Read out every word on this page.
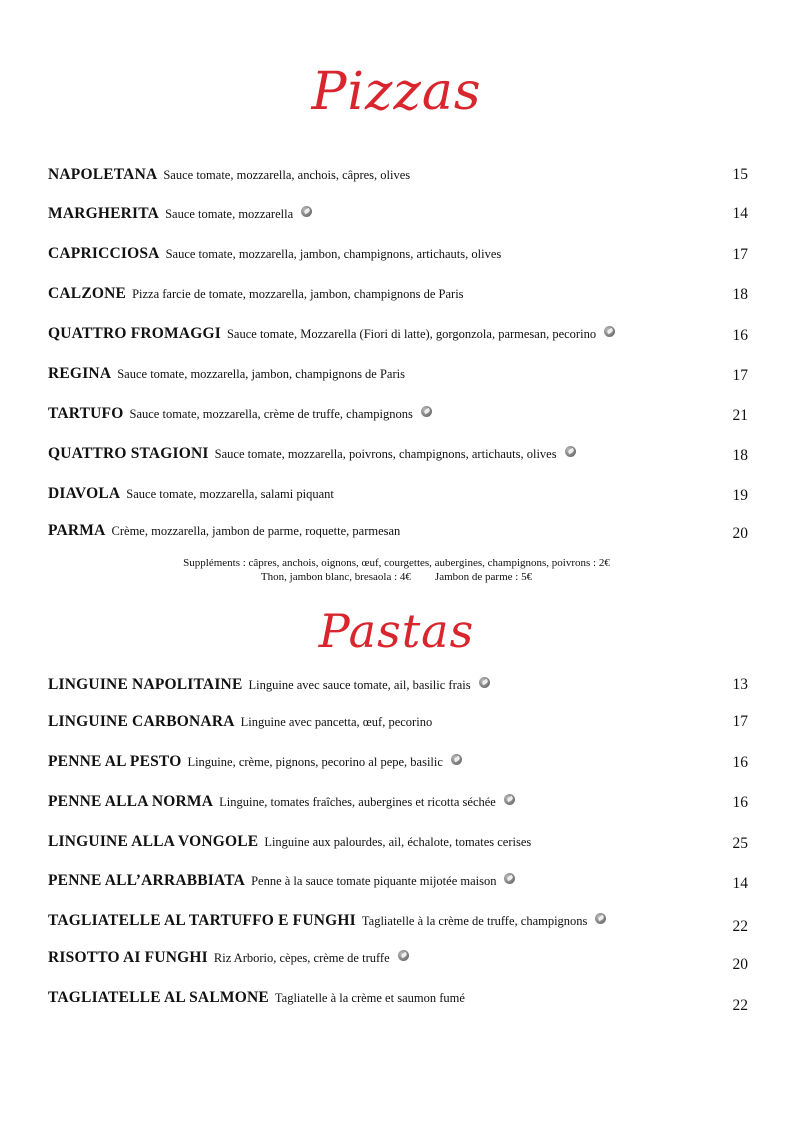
Pizzas
NAPOLETANA Sauce tomate, mozzarella, anchois, câpres, olives	15
MARGHERITA Sauce tomate, mozzarella	14
CAPRICCIOSA Sauce tomate, mozzarella, jambon, champignons, artichauts, olives	17
CALZONE Pizza farcie de tomate, mozzarella, jambon, champignons de Paris	18
QUATTRO FROMAGGI Sauce tomate, Mozzarella (Fiori di latte), gorgonzola, parmesan, pecorino	16
REGINA Sauce tomate, mozzarella, jambon, champignons de Paris	17
TARTUFO Sauce tomate, mozzarella, crème de truffe, champignons	21
QUATTRO STAGIONI Sauce tomate, mozzarella, poivrons, champignons, artichauts, olives	18
DIAVOLA Sauce tomate, mozzarella, salami piquant	19
PARMA Crème, mozzarella, jambon de parme, roquette, parmesan	20
Suppléments : câpres, anchois, oignons, œuf, courgettes, aubergines, champignons, poivrons : 2€
Thon, jambon blanc, bresaola : 4€ Jambon de parme : 5€
Pastas
LINGUINE NAPOLITAINE Linguine avec sauce tomate, ail, basilic frais	13
LINGUINE CARBONARA Linguine avec pancetta, œuf, pecorino	17
PENNE AL PESTO Linguine, crème, pignons, pecorino al pepe, basilic	16
PENNE ALLA NORMA Linguine, tomates fraîches, aubergines et ricotta séchée	16
LINGUINE ALLA VONGOLE Linguine aux palourdes, ail, échalote, tomates cerises	25
PENNE ALL’ARRABBIATA Penne à la sauce tomate piquante mijotée maison	14
TAGLIATELLE AL TARTUFFO E FUNGHI Tagliatelle à la crème de truffe, champignons	22
RISOTTO AI FUNGHI Riz Arborio, cèpes, crème de truffe	20
TAGLIATELLE AL SALMONE Tagliatelle à la crème et saumon fumé	22
